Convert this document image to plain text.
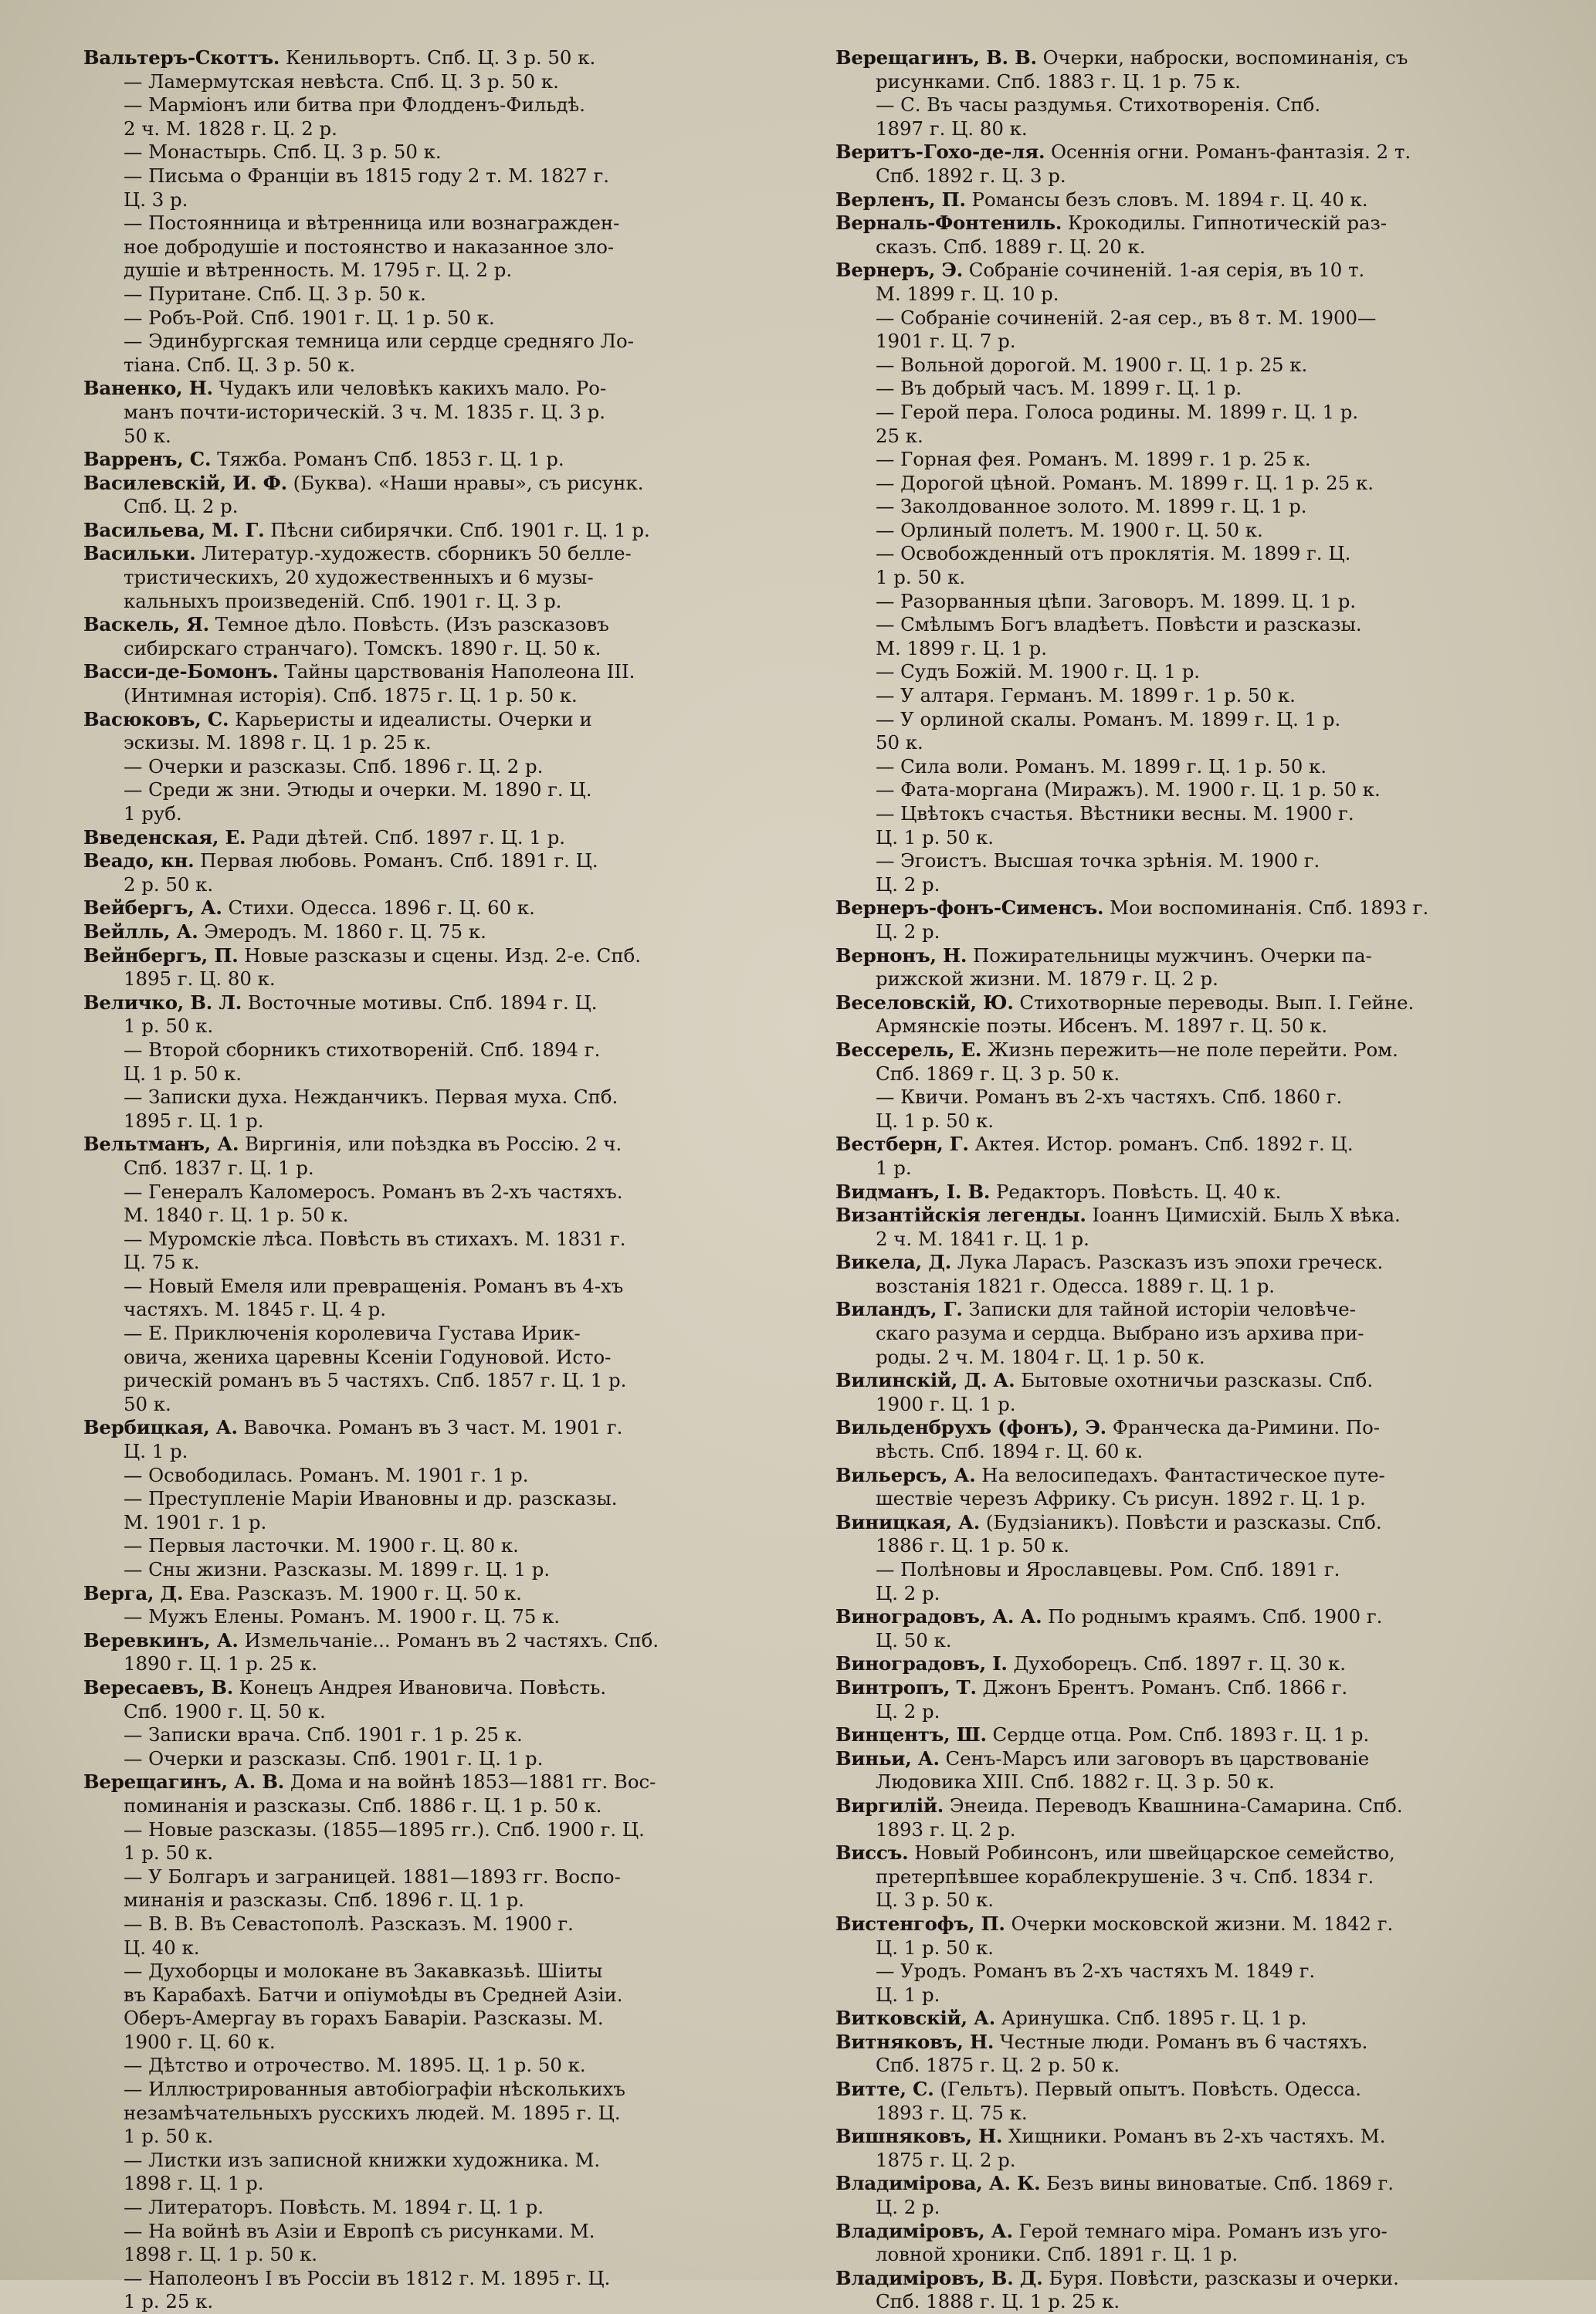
Вальтеръ-Скоттъ. Кенильвортъ. Спб. Ц. 3 р. 50 к.
— Ламермутская невѣста. Спб. Ц. 3 р. 50 к.
— Марміонъ или битва при Флодденъ-Фильдѣ.
2 ч. М. 1828 г. Ц. 2 р.
— Монастырь. Спб. Ц. 3 р. 50 к.
— Письма о Франціи въ 1815 году 2 т. М. 1827 г.
Ц. 3 р.
— Постоянница и вѣтренница или вознагражден-
ное добродушіе и постоянство и наказанное зло-
душіе и вѣтренность. М. 1795 г. Ц. 2 р.
— Пуритане. Спб. Ц. 3 р. 50 к.
— Робъ-Рой. Спб. 1901 г. Ц. 1 р. 50 к.
— Эдинбургская темница или сердце средняго Ло-
тіана. Спб. Ц. 3 р. 50 к.
Ваненко, Н. Чудакъ или человѣкъ какихъ мало. Ро-
манъ почти-историческій. 3 ч. М. 1835 г. Ц. 3 р.
50 к.
Варренъ, С. Тяжба. Романъ Спб. 1853 г. Ц. 1 р.
Василевскій, И. Ф. (Буква). «Наши нравы», съ рисунк.
Спб. Ц. 2 р.
Васильева, М. Г. Пѣсни сибирячки. Спб. 1901 г. Ц. 1 р.
Васильки. Литератур.-художеств. сборникъ 50 белле-
тристическихъ, 20 художественныхъ и 6 музы-
кальныхъ произведеній. Спб. 1901 г. Ц. 3 р.
Васкель, Я. Темное дѣло. Повѣсть. (Изъ разсказовъ
сибирскаго странчаго). Томскъ. 1890 г. Ц. 50 к.
Васси-де-Бомонъ. Тайны царствованія Наполеона III.
(Интимная исторія). Спб. 1875 г. Ц. 1 р. 50 к.
Васюковъ, С. Карьеристы и идеалисты. Очерки и
эскизы. М. 1898 г. Ц. 1 р. 25 к.
— Очерки и разсказы. Спб. 1896 г. Ц. 2 р.
— Среди ж зни. Этюды и очерки. М. 1890 г. Ц.
1 руб.
Введенская, Е. Ради дѣтей. Спб. 1897 г. Ц. 1 р.
Веадо, кн. Первая любовь. Романъ. Спб. 1891 г. Ц.
2 р. 50 к.
Вейбергъ, А. Стихи. Одесса. 1896 г. Ц. 60 к.
Вейлль, А. Эмеродъ. М. 1860 г. Ц. 75 к.
Вейнбергъ, П. Новые разсказы и сцены. Изд. 2-е. Спб.
1895 г. Ц. 80 к.
Величко, В. Л. Восточные мотивы. Спб. 1894 г. Ц.
1 р. 50 к.
— Второй сборникъ стихотвореній. Спб. 1894 г.
Ц. 1 р. 50 к.
— Записки духа. Нежданчикъ. Первая муха. Спб.
1895 г. Ц. 1 р.
Вельтманъ, А. Виргинія, или поѣздка въ Россію. 2 ч.
Спб. 1837 г. Ц. 1 р.
— Генералъ Каломеросъ. Романъ въ 2-хъ частяхъ.
М. 1840 г. Ц. 1 р. 50 к.
— Муромскіе лѣса. Повѣсть въ стихахъ. М. 1831 г.
Ц. 75 к.
— Новый Емеля или превращенія. Романъ въ 4-хъ
частяхъ. М. 1845 г. Ц. 4 р.
— Е. Приключенія королевича Густава Ирик-
овича, жениха царевны Ксеніи Годуновой. Исто-
рическій романъ въ 5 частяхъ. Спб. 1857 г. Ц. 1 р.
50 к.
Вербицкая, А. Вавочка. Романъ въ 3 част. М. 1901 г.
Ц. 1 р.
— Освободилась. Романъ. М. 1901 г. 1 р.
— Преступленіе Маріи Ивановны и др. разсказы.
М. 1901 г. 1 р.
— Первыя ласточки. М. 1900 г. Ц. 80 к.
— Сны жизни. Разсказы. М. 1899 г. Ц. 1 р.
Верга, Д. Ева. Разсказъ. М. 1900 г. Ц. 50 к.
— Мужъ Елены. Романъ. М. 1900 г. Ц. 75 к.
Веревкинъ, А. Измельчаніе... Романъ въ 2 частяхъ. Спб.
1890 г. Ц. 1 р. 25 к.
Вересаевъ, В. Конецъ Андрея Ивановича. Повѣсть.
Спб. 1900 г. Ц. 50 к.
— Записки врача. Спб. 1901 г. 1 р. 25 к.
— Очерки и разсказы. Спб. 1901 г. Ц. 1 р.
Верещагинъ, А. В. Дома и на войнѣ 1853—1881 гг. Вос-
поминанія и разсказы. Спб. 1886 г. Ц. 1 р. 50 к.
— Новые разсказы. (1855—1895 гг.). Спб. 1900 г. Ц.
1 р. 50 к.
— У Болгаръ и заграницей. 1881—1893 гг. Воспо-
минанія и разсказы. Спб. 1896 г. Ц. 1 р.
— В. В. Въ Севастополѣ. Разсказъ. М. 1900 г.
Ц. 40 к.
— Духоборцы и молокане въ Закавказьѣ. Шіиты
въ Карабахѣ. Батчи и опіумоѣды въ Средней Азіи.
Оберъ-Амергау въ горахъ Баваріи. Разсказы. М.
1900 г. Ц. 60 к.
— Дѣтство и отрочество. М. 1895. Ц. 1 р. 50 к.
— Иллюстрированныя автобіографіи нѣсколькихъ
незамѣчательныхъ русскихъ людей. М. 1895 г. Ц.
1 р. 50 к.
— Листки изъ записной книжки художника. М.
1898 г. Ц. 1 р.
— Литераторъ. Повѣсть. М. 1894 г. Ц. 1 р.
— На войнѣ въ Азіи и Европѣ съ рисунками. М.
1898 г. Ц. 1 р. 50 к.
— Наполеонъ I въ Россіи въ 1812 г. М. 1895 г. Ц.
1 р. 25 к.
Верещагинъ, В. В. Очерки, наброски, воспоминанія, съ
рисунками. Спб. 1883 г. Ц. 1 р. 75 к.
— С. Въ часы раздумья. Стихотворенія. Спб.
1897 г. Ц. 80 к.
Веритъ-Гохо-де-ля. Осеннія огни. Романъ-фантазія. 2 т.
Спб. 1892 г. Ц. 3 р.
Верленъ, П. Романсы безъ словъ. М. 1894 г. Ц. 40 к.
Верналь-Фонтениль. Крокодилы. Гипнотическій раз-
сказъ. Спб. 1889 г. Ц. 20 к.
Вернеръ, Э. Собраніе сочиненій. 1-ая серія, въ 10 т.
М. 1899 г. Ц. 10 р.
— Собраніе сочиненій. 2-ая сер., въ 8 т. М. 1900—
1901 г. Ц. 7 р.
— Вольной дорогой. М. 1900 г. Ц. 1 р. 25 к.
— Въ добрый часъ. М. 1899 г. Ц. 1 р.
— Герой пера. Голоса родины. М. 1899 г. Ц. 1 р.
25 к.
— Горная фея. Романъ. М. 1899 г. 1 р. 25 к.
— Дорогой цѣной. Романъ. М. 1899 г. Ц. 1 р. 25 к.
— Заколдованное золото. М. 1899 г. Ц. 1 р.
— Орлиный полетъ. М. 1900 г. Ц. 50 к.
— Освобожденный отъ проклятія. М. 1899 г. Ц.
1 р. 50 к.
— Разорванныя цѣпи. Заговоръ. М. 1899. Ц. 1 р.
— Смѣлымъ Богъ владѣетъ. Повѣсти и разсказы.
М. 1899 г. Ц. 1 р.
— Судъ Божій. М. 1900 г. Ц. 1 р.
— У алтаря. Германъ. М. 1899 г. 1 р. 50 к.
— У орлиной скалы. Романъ. М. 1899 г. Ц. 1 р.
50 к.
— Сила воли. Романъ. М. 1899 г. Ц. 1 р. 50 к.
— Фата-моргана (Миражъ). М. 1900 г. Ц. 1 р. 50 к.
— Цвѣтокъ счастья. Вѣстники весны. М. 1900 г.
Ц. 1 р. 50 к.
— Эгоистъ. Высшая точка зрѣнія. М. 1900 г.
Ц. 2 р.
Вернеръ-фонъ-Сименсъ. Мои воспоминанія. Спб. 1893 г.
Ц. 2 р.
Вернонъ, Н. Пожирательницы мужчинъ. Очерки па-
рижской жизни. М. 1879 г. Ц. 2 р.
Веселовскій, Ю. Стихотворные переводы. Вып. I. Гейне.
Армянскіе поэты. Ибсенъ. М. 1897 г. Ц. 50 к.
Вессерель, Е. Жизнь пережить—не поле перейти. Ром.
Спб. 1869 г. Ц. 3 р. 50 к.
— Квичи. Романъ въ 2-хъ частяхъ. Спб. 1860 г.
Ц. 1 р. 50 к.
Вестберн, Г. Актея. Истор. романъ. Спб. 1892 г. Ц.
1 р.
Видманъ, І. В. Редакторъ. Повѣсть. Ц. 40 к.
Византійскія легенды. Іоаннъ Цимисхій. Быль X вѣка.
2 ч. М. 1841 г. Ц. 1 р.
Викела, Д. Лука Ларасъ. Разсказъ изъ эпохи греческ.
возстанія 1821 г. Одесса. 1889 г. Ц. 1 р.
Виландъ, Г. Записки для тайной исторіи человѣче-
скаго разума и сердца. Выбрано изъ архива при-
роды. 2 ч. М. 1804 г. Ц. 1 р. 50 к.
Вилинскій, Д. А. Бытовые охотничьи разсказы. Спб.
1900 г. Ц. 1 р.
Вильденбрухъ (фонъ), Э. Франческа да-Римини. По-
вѣсть. Спб. 1894 г. Ц. 60 к.
Вильерсъ, А. На велосипедахъ. Фантастическое путе-
шествіе черезъ Африку. Съ рисун. 1892 г. Ц. 1 р.
Виницкая, А. (Будзіаникъ). Повѣсти и разсказы. Спб.
1886 г. Ц. 1 р. 50 к.
— Полѣновы и Ярославцевы. Ром. Спб. 1891 г.
Ц. 2 р.
Виноградовъ, А. А. По роднымъ краямъ. Спб. 1900 г.
Ц. 50 к.
Виноградовъ, І. Духоборецъ. Спб. 1897 г. Ц. 30 к.
Винтропъ, Т. Джонъ Брентъ. Романъ. Спб. 1866 г.
Ц. 2 р.
Винцентъ, Ш. Сердце отца. Ром. Спб. 1893 г. Ц. 1 р.
Виньи, А. Сенъ-Марсъ или заговоръ въ царствованіе
Людовика XIII. Спб. 1882 г. Ц. 3 р. 50 к.
Виргилій. Энеида. Переводъ Квашнина-Самарина. Спб.
1893 г. Ц. 2 р.
Виссъ. Новый Робинсонъ, или швейцарское семейство,
претерпѣвшее кораблекрушеніе. 3 ч. Спб. 1834 г.
Ц. 3 р. 50 к.
Вистенгофъ, П. Очерки московской жизни. М. 1842 г.
Ц. 1 р. 50 к.
— Уродъ. Романъ въ 2-хъ частяхъ М. 1849 г.
Ц. 1 р.
Витковскій, А. Аринушка. Спб. 1895 г. Ц. 1 р.
Витняковъ, Н. Честные люди. Романъ въ 6 частяхъ.
Спб. 1875 г. Ц. 2 р. 50 к.
Витте, С. (Гельтъ). Первый опытъ. Повѣсть. Одесса.
1893 г. Ц. 75 к.
Вишняковъ, Н. Хищники. Романъ въ 2-хъ частяхъ. М.
1875 г. Ц. 2 р.
Владимірова, А. К. Безъ вины виноватые. Спб. 1869 г.
Ц. 2 р.
Владиміровъ, А. Герой темнаго міра. Романъ изъ уго-
ловной хроники. Спб. 1891 г. Ц. 1 р.
Владиміровъ, В. Д. Буря. Повѣсти, разсказы и очерки.
Спб. 1888 г. Ц. 1 р. 25 к.
